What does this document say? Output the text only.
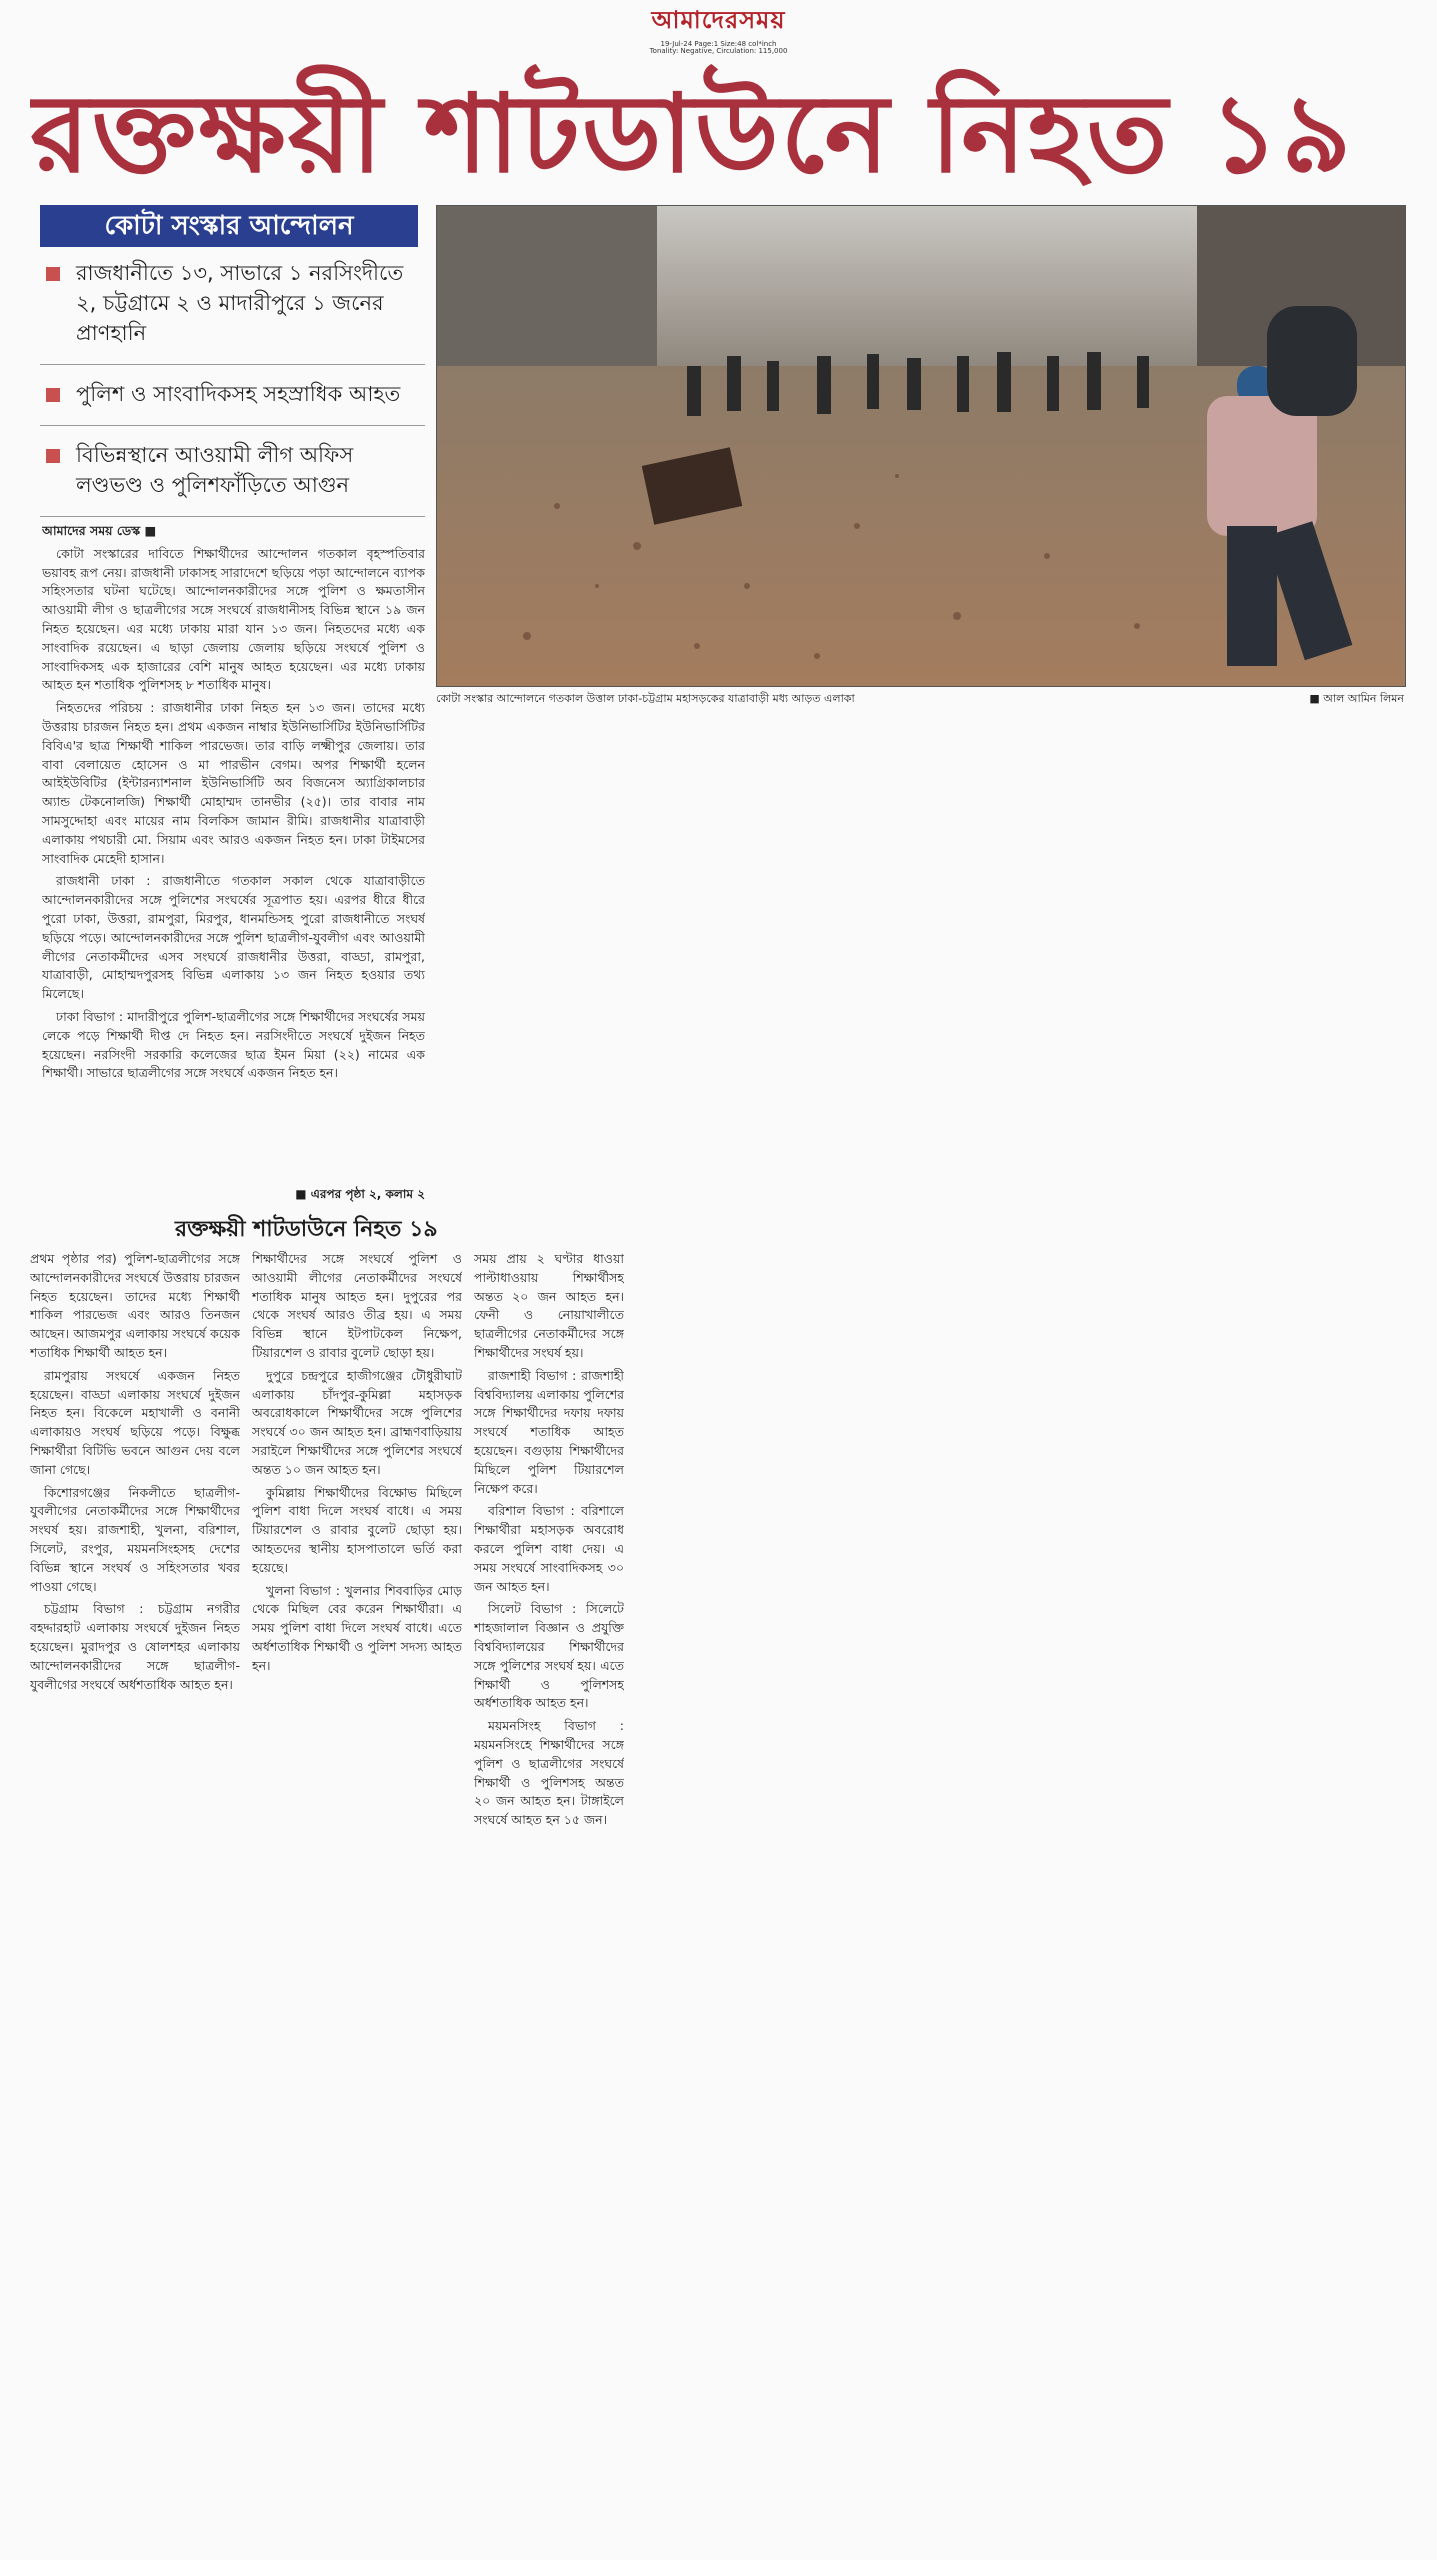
আমাদেরসময়
19-Jul-24 Page:1 Size:48 col*inch
Tonality: Negative, Circulation: 115,000
রক্তক্ষয়ী শাটডাউনে নিহত ১৯
কোটা সংস্কার আন্দোলন
রাজধানীতে ১৩, সাভারে ১ নরসিংদীতে ২, চট্টগ্রামে ২ ও মাদারীপুরে ১ জনের প্রাণহানি
পুলিশ ও সাংবাদিকসহ সহস্রাধিক আহত
বিভিন্নস্থানে আওয়ামী লীগ অফিস লণ্ডভণ্ড ও পুলিশফাঁড়িতে আগুন
কোটা সংস্কার আন্দোলনে গতকাল উত্তাল ঢাকা-চট্টগ্রাম মহাসড়কের যাত্রাবাড়ী মধ্য আড়ত এলাকা	■ আল আমিন লিমন

আমাদের সময় ডেস্ক ■

কোটা সংস্কারের দাবিতে শিক্ষার্থীদের আন্দোলন গতকাল বৃহস্পতিবার ভয়াবহ রূপ নেয়। রাজধানী ঢাকাসহ সারাদেশে ছড়িয়ে পড়া আন্দোলনে ব্যাপক সহিংসতার ঘটনা ঘটেছে। আন্দোলনকারীদের সঙ্গে পুলিশ ও ক্ষমতাসীন আওয়ামী লীগ ও ছাত্রলীগের সঙ্গে সংঘর্ষে রাজধানীসহ বিভিন্ন স্থানে ১৯ জন নিহত হয়েছেন। এর মধ্যে ঢাকায় মারা যান ১৩ জন। নিহতদের মধ্যে এক সাংবাদিক রয়েছেন। এ ছাড়া জেলায় জেলায় ছড়িয়ে সংঘর্ষে পুলিশ ও সাংবাদিকসহ এক হাজারের বেশি মানুষ আহত হয়েছেন। এর মধ্যে ঢাকায় আহত হন শতাধিক পুলিশসহ ৮ শতাধিক মানুষ।

নিহতদের পরিচয় : রাজধানীর ঢাকা নিহত হন ১৩ জন। তাদের মধ্যে উত্তরায় চারজন নিহত হন। প্রথম একজন নাম্বার ইউনিভার্সিটির ইউনিভার্সিটির বিবিএ'র ছাত্র শিক্ষার্থী শাকিল পারভেজ। তার বাড়ি লক্ষ্মীপুর জেলায়। তার বাবা বেলায়েত হোসেন ও মা পারভীন বেগম। অপর শিক্ষার্থী হলেন আইইউবিটির (ইন্টারন্যাশনাল ইউনিভার্সিটি অব বিজনেস অ্যাগ্রিকালচার অ্যান্ড টেকনোলজি) শিক্ষার্থী মোহাম্মদ তানভীর (২৫)। তার বাবার নাম সামসুদ্দোহা এবং মায়ের নাম বিলকিস জামান রীমি। রাজধানীর যাত্রাবাড়ী এলাকায় পথচারী মো. সিয়াম এবং আরও একজন নিহত হন। ঢাকা টাইমসের সাংবাদিক মেহেদী হাসান।

রাজধানী ঢাকা : রাজধানীতে গতকাল সকাল থেকে যাত্রাবাড়ীতে আন্দোলনকারীদের সঙ্গে পুলিশের সংঘর্ষের সূত্রপাত হয়। এরপর ধীরে ধীরে পুরো ঢাকা, উত্তরা, রামপুরা, মিরপুর, ধানমন্ডিসহ পুরো রাজধানীতে সংঘর্ষ ছড়িয়ে পড়ে। আন্দোলনকারীদের সঙ্গে পুলিশ ছাত্রলীগ-যুবলীগ এবং আওয়ামী লীগের নেতাকর্মীদের এসব সংঘর্ষে রাজধানীর উত্তরা, বাড্ডা, রামপুরা, যাত্রাবাড়ী, মোহাম্মদপুরসহ বিভিন্ন এলাকায় ১৩ জন নিহত হওয়ার তথ্য মিলেছে।

ঢাকা বিভাগ : মাদারীপুরে পুলিশ-ছাত্রলীগের সঙ্গে শিক্ষার্থীদের সংঘর্ষের সময় লেকে পড়ে শিক্ষার্থী দীপ্ত দে নিহত হন। নরসিংদীতে সংঘর্ষে দুইজন নিহত হয়েছেন। নরসিংদী সরকারি কলেজের ছাত্র ইমন মিয়া (২২) নামের এক শিক্ষার্থী। সাভারে ছাত্রলীগের সঙ্গে সংঘর্ষে একজন নিহত হন।

■ এরপর পৃষ্ঠা ২, কলাম ২
রক্তক্ষয়ী শাটডাউনে নিহত ১৯

প্রথম পৃষ্ঠার পর) পুলিশ-ছাত্রলীগের সঙ্গে আন্দোলনকারীদের সংঘর্ষে উত্তরায় চারজন নিহত হয়েছেন। তাদের মধ্যে শিক্ষার্থী শাকিল পারভেজ এবং আরও তিনজন আছেন। আজমপুর এলাকায় সংঘর্ষে কয়েক শতাধিক শিক্ষার্থী আহত হন।

রামপুরায় সংঘর্ষে একজন নিহত হয়েছেন। বাড্ডা এলাকায় সংঘর্ষে দুইজন নিহত হন। বিকেলে মহাখালী ও বনানী এলাকায়ও সংঘর্ষ ছড়িয়ে পড়ে। বিক্ষুব্ধ শিক্ষার্থীরা বিটিভি ভবনে আগুন দেয় বলে জানা গেছে।

কিশোরগঞ্জের নিকলীতে ছাত্রলীগ-যুবলীগের নেতাকর্মীদের সঙ্গে শিক্ষার্থীদের সংঘর্ষ হয়। রাজশাহী, খুলনা, বরিশাল, সিলেট, রংপুর, ময়মনসিংহসহ দেশের বিভিন্ন স্থানে সংঘর্ষ ও সহিংসতার খবর পাওয়া গেছে।

চট্টগ্রাম বিভাগ : চট্টগ্রাম নগরীর বহদ্দারহাট এলাকায় সংঘর্ষে দুইজন নিহত হয়েছেন। মুরাদপুর ও ষোলশহর এলাকায় আন্দোলনকারীদের সঙ্গে ছাত্রলীগ-যুবলীগের সংঘর্ষে অর্ধশতাধিক আহত হন।

শিক্ষার্থীদের সঙ্গে সংঘর্ষে পুলিশ ও আওয়ামী লীগের নেতাকর্মীদের সংঘর্ষে শতাধিক মানুষ আহত হন। দুপুরের পর থেকে সংঘর্ষ আরও তীব্র হয়। এ সময় বিভিন্ন স্থানে ইটপাটকেল নিক্ষেপ, টিয়ারশেল ও রাবার বুলেট ছোড়া হয়।

দুপুরে চন্দ্রপুরে হাজীগঞ্জের টৌধুরীঘাট এলাকায় চাঁদপুর-কুমিল্লা মহাসড়ক অবরোধকালে শিক্ষার্থীদের সঙ্গে পুলিশের সংঘর্ষে ৩০ জন আহত হন। ব্রাহ্মণবাড়িয়ায় সরাইলে শিক্ষার্থীদের সঙ্গে পুলিশের সংঘর্ষে অন্তত ১০ জন আহত হন।

কুমিল্লায় শিক্ষার্থীদের বিক্ষোভ মিছিলে পুলিশ বাধা দিলে সংঘর্ষ বাধে। এ সময় টিয়ারশেল ও রাবার বুলেট ছোড়া হয়। আহতদের স্থানীয় হাসপাতালে ভর্তি করা হয়েছে।

খুলনা বিভাগ : খুলনার শিববাড়ির মোড় থেকে মিছিল বের করেন শিক্ষার্থীরা। এ সময় পুলিশ বাধা দিলে সংঘর্ষ বাধে। এতে অর্ধশতাধিক শিক্ষার্থী ও পুলিশ সদস্য আহত হন।

সময় প্রায় ২ ঘণ্টার ধাওয়া পাল্টাধাওয়ায় শিক্ষার্থীসহ অন্তত ২০ জন আহত হন। ফেনী ও নোয়াখালীতে ছাত্রলীগের নেতাকর্মীদের সঙ্গে শিক্ষার্থীদের সংঘর্ষ হয়।

রাজশাহী বিভাগ : রাজশাহী বিশ্ববিদ্যালয় এলাকায় পুলিশের সঙ্গে শিক্ষার্থীদের দফায় দফায় সংঘর্ষে শতাধিক আহত হয়েছেন। বগুড়ায় শিক্ষার্থীদের মিছিলে পুলিশ টিয়ারশেল নিক্ষেপ করে।

বরিশাল বিভাগ : বরিশালে শিক্ষার্থীরা মহাসড়ক অবরোধ করলে পুলিশ বাধা দেয়। এ সময় সংঘর্ষে সাংবাদিকসহ ৩০ জন আহত হন।

সিলেট বিভাগ : সিলেটে শাহজালাল বিজ্ঞান ও প্রযুক্তি বিশ্ববিদ্যালয়ের শিক্ষার্থীদের সঙ্গে পুলিশের সংঘর্ষ হয়। এতে শিক্ষার্থী ও পুলিশসহ অর্ধশতাধিক আহত হন।

ময়মনসিংহ বিভাগ : ময়মনসিংহে শিক্ষার্থীদের সঙ্গে পুলিশ ও ছাত্রলীগের সংঘর্ষে শিক্ষার্থী ও পুলিশসহ অন্তত ২০ জন আহত হন। টাঙ্গাইলে সংঘর্ষে আহত হন ১৫ জন।
